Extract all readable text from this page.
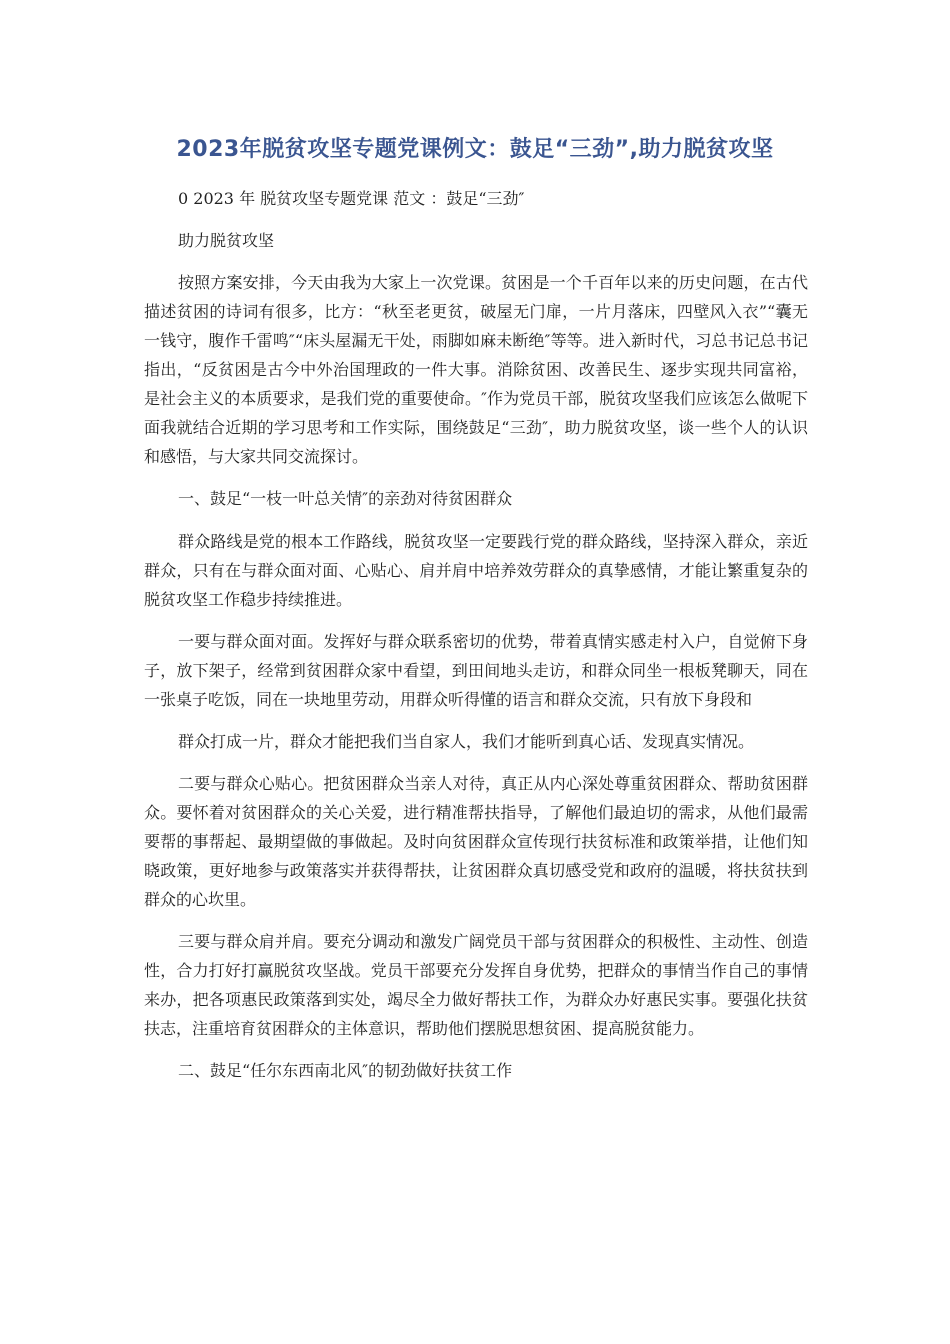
2023年脱贫攻坚专题党课例文：鼓足“三劲”,助力脱贫攻坚

0 2023 年 脱贫攻坚专题党课 范文 ：鼓足“三劲″

助力脱贫攻坚

按照方案安排，今天由我为大家上一次党课。贫困是一个千百年以来的历史问题，在古代描述贫困的诗词有很多，比方：“秋至老更贫，破屋无门扉，一片月落床，四壁风入衣”“囊无一钱守，腹作千雷鸣″“床头屋漏无干处，雨脚如麻未断绝″等等。进入新时代，习总书记总书记指出，“反贫困是古今中外治国理政的一件大事。消除贫困、改善民生、逐步实现共同富裕，是社会主义的本质要求，是我们党的重要使命。″作为党员干部，脱贫攻坚我们应该怎么做呢下面我就结合近期的学习思考和工作实际，围绕鼓足“三劲″，助力脱贫攻坚，谈一些个人的认识和感悟，与大家共同交流探讨。

一、鼓足“一枝一叶总关情″的亲劲对待贫困群众

群众路线是党的根本工作路线，脱贫攻坚一定要践行党的群众路线，坚持深入群众，亲近群众，只有在与群众面对面、心贴心、肩并肩中培养效劳群众的真挚感情，才能让繁重复杂的脱贫攻坚工作稳步持续推进。

一要与群众面对面。发挥好与群众联系密切的优势，带着真情实感走村入户，自觉俯下身子，放下架子，经常到贫困群众家中看望，到田间地头走访，和群众同坐一根板凳聊天，同在一张桌子吃饭，同在一块地里劳动，用群众听得懂的语言和群众交流，只有放下身段和

群众打成一片，群众才能把我们当自家人，我们才能听到真心话、发现真实情况。

二要与群众心贴心。把贫困群众当亲人对待，真正从内心深处尊重贫困群众、帮助贫困群众。要怀着对贫困群众的关心关爱，进行精准帮扶指导，了解他们最迫切的需求，从他们最需要帮的事帮起、最期望做的事做起。及时向贫困群众宣传现行扶贫标准和政策举措，让他们知晓政策，更好地参与政策落实并获得帮扶，让贫困群众真切感受党和政府的温暖，将扶贫扶到群众的心坎里。

三要与群众肩并肩。要充分调动和激发广阔党员干部与贫困群众的积极性、主动性、创造性，合力打好打赢脱贫攻坚战。党员干部要充分发挥自身优势，把群众的事情当作自己的事情来办，把各项惠民政策落到实处，竭尽全力做好帮扶工作，为群众办好惠民实事。要强化扶贫扶志，注重培育贫困群众的主体意识，帮助他们摆脱思想贫困、提高脱贫能力。

二、鼓足“任尔东西南北风″的韧劲做好扶贫工作
